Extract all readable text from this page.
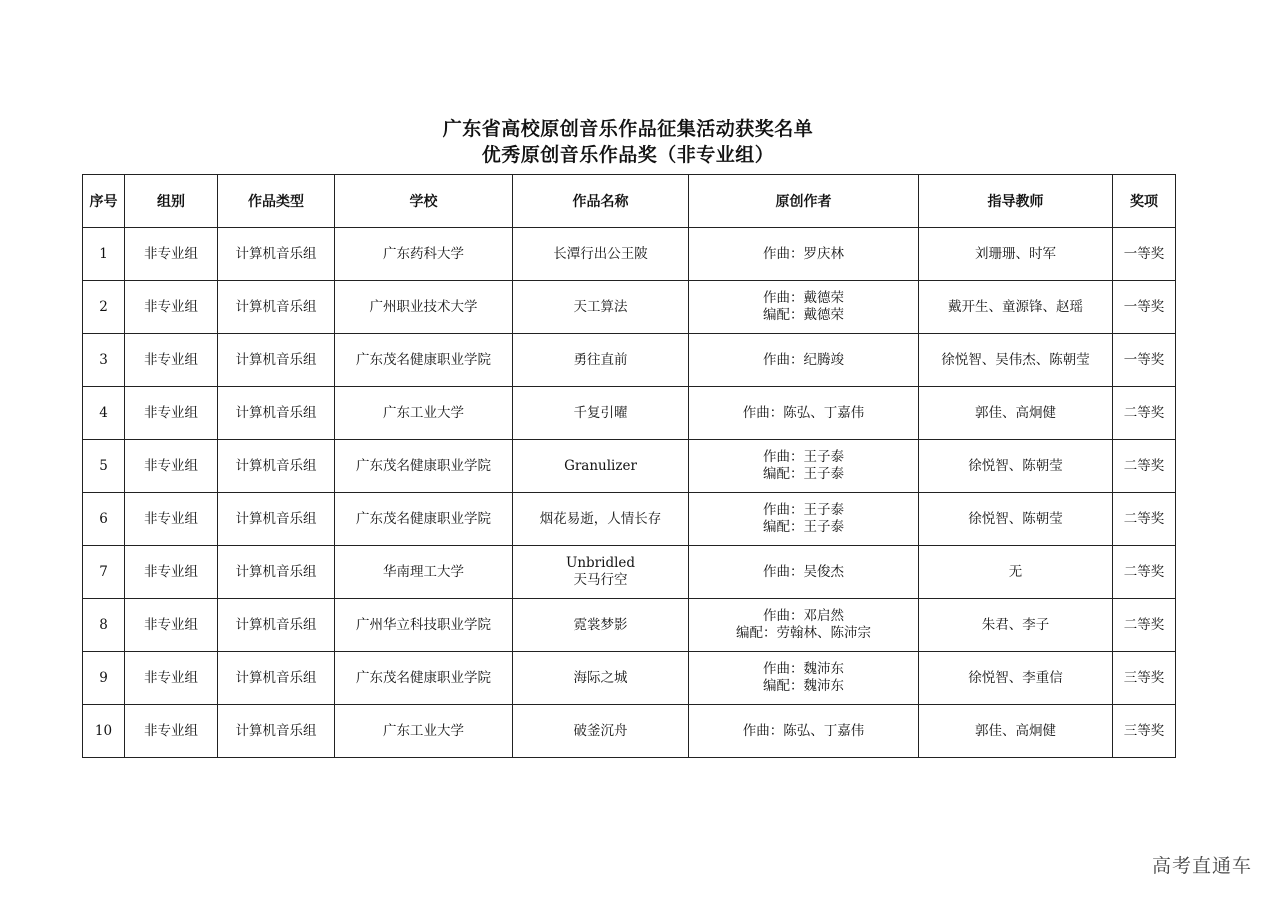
广东省高校原创音乐作品征集活动获奖名单
优秀原创音乐作品奖（非专业组）
序号	组别	作品类型	学校	作品名称	原创作者	指导教师	奖项
1	非专业组	计算机音乐组	广东药科大学	长潭行出公王陂	作曲：罗庆林	刘珊珊、时军	一等奖
2	非专业组	计算机音乐组	广州职业技术大学	天工算法	作曲：戴德荣
编配：戴德荣	戴开生、童源锋、赵瑶	一等奖
3	非专业组	计算机音乐组	广东茂名健康职业学院	勇往直前	作曲：纪腾竣	徐悦智、吴伟杰、陈朝莹	一等奖
4	非专业组	计算机音乐组	广东工业大学	千复引曜	作曲：陈弘、丁嘉伟	郭佳、高炯健	二等奖
5	非专业组	计算机音乐组	广东茂名健康职业学院	Granulizer	作曲：王子泰
编配：王子泰	徐悦智、陈朝莹	二等奖
6	非专业组	计算机音乐组	广东茂名健康职业学院	烟花易逝，人情长存	作曲：王子泰
编配：王子泰	徐悦智、陈朝莹	二等奖
7	非专业组	计算机音乐组	华南理工大学	Unbridled
天马行空	作曲：吴俊杰	无	二等奖
8	非专业组	计算机音乐组	广州华立科技职业学院	霓裳梦影	作曲：邓启然
编配：劳翰林、陈沛宗	朱君、李子	二等奖
9	非专业组	计算机音乐组	广东茂名健康职业学院	海际之城	作曲：魏沛东
编配：魏沛东	徐悦智、李重信	三等奖
10	非专业组	计算机音乐组	广东工业大学	破釜沉舟	作曲：陈弘、丁嘉伟	郭佳、高炯健	三等奖
高考直通车
